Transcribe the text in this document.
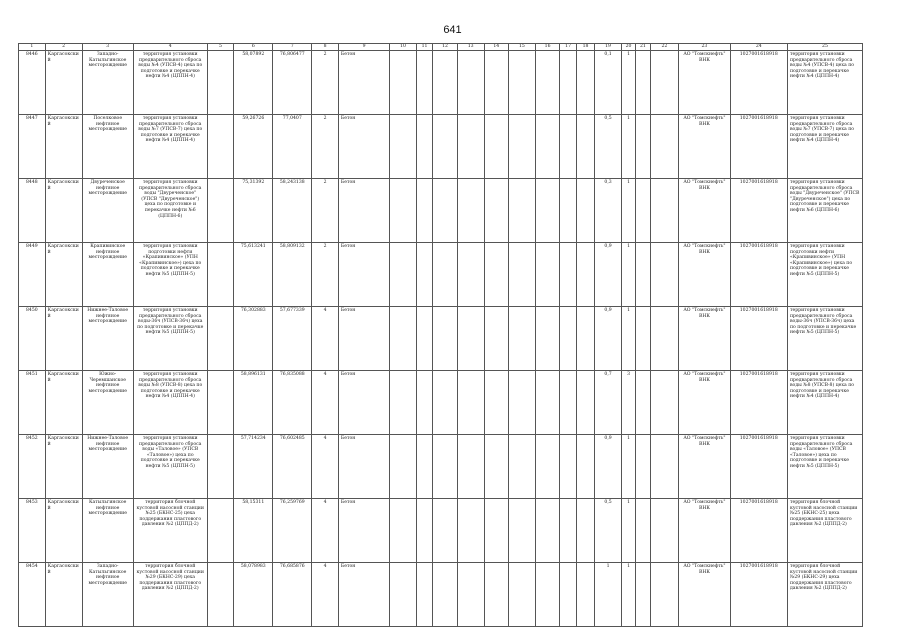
641
1	2	3	4	5	6	7	8	9	10	11	12	13	14	15	16	17	18	19	20	21	22	23	24	25
8446	Каргасокский	Западно-Катыльгинское месторождение	территория установки предварительного сброса воды №4 (УПСВ-4) цеха по подготовке и перекачке нефти №4 (ЦППН-4)		58,07892	76,806477	2	Бетон										0,1	1			АО "Томскнефть" ВНК	1027001618918	территория установки предварительного сброса воды №4 (УПСВ-4) цеха по подготовке и перекачке нефти №4 (ЦППН-4)
8447	Каргасокский	Поселковое нефтяное месторождение	территория установки предварительного сброса воды №7 (УПСВ-7) цеха по подготовке и перекачке нефти №4 (ЦППН-4)		59,26726	77,0407	2	Бетон										0,5	1			АО "Томскнефть" ВНК	1027001618918	территория установки предварительного сброса воды №7 (УПСВ-7) цеха по подготовке и перекачке нефти №4 (ЦППН-4)
8448	Каргасокский	Двуреченское нефтяное месторождение	территория установки предварительного сброса воды "Двуреченское" (УПСВ "Двуреченское") цеха по подготовке и перекачке нефти №6 (ЦППН-6)		75,31392	58,243138	2	Бетон										0,3	1			АО "Томскнефть" ВНК	1027001618918	территория установки предварительного сброса воды "Двуреченское" (УПСВ "Двуреченское") цеха по подготовке и перекачке нефти №6 (ЦППН-6)
8449	Каргасокский	Крапивинское нефтяное месторождение	территория установки подготовки нефти «Крапивинское» (УПН «Крапивинское») цеха по подготовке и перекачке нефти №5 (ЦППН-5)		75,613241	58,809132	2	Бетон										0,9	1			АО "Томскнефть" ВНК	1027001618918	территория установки подготовки нефти «Крапивинское» (УПН «Крапивинское») цеха по подготовке и перекачке нефти №5 (ЦППН-5)
8450	Каргасокский	Нижнее-Таловое нефтяное месторождение	территория установки предварительного сброса воды-36ч (УПСВ-36ч) цеха по подготовке и перекачке нефти №5 (ЦППН-5)		76,302883	57,677339	4	Бетон										0,9	1			АО "Томскнефть" ВНК	1027001618918	территория установки предварительного сброса воды-36ч (УПСВ-36ч) цеха по подготовке и перекачке нефти №5 (ЦППН-5)
8451	Каргасокский	Южно-Черемшанское нефтяное месторождение	территория установки предварительного сброса воды №8 (УПСВ-8) цеха по подготовке и перекачке нефти №4 (ЦППН-4)		58,896131	76,835088	4	Бетон										0,7	3			АО "Томскнефть" ВНК	1027001618918	территория установки предварительного сброса воды №8 (УПСВ-8) цеха по подготовке и перекачке нефти №4 (ЦППН-4)
8452	Каргасокский	Нижнее-Таловое нефтяное месторождение	территория установки предварительного сброса воды «Таловое» (УПСВ «Таловое») цеха по подготовке и перекачке нефти №5 (ЦППН-5)		57,714234	76,602485	4	Бетон										0,9	1			АО "Томскнефть" ВНК	1027001618918	территория установки предварительного сброса воды «Таловое» (УПСВ «Таловое») цеха по подготовке и перекачке нефти №5 (ЦППН-5)
8453	Каргасокский	Катыльгинское нефтяное месторождение	территория блочной кустовой насосной станции №25 (БКНС-25) цеха поддержания пластового давления №2 (ЦППД-2)		58,15311	76,259769	4	Бетон										0,5	1			АО "Томскнефть" ВНК	1027001618918	территория блочной кустовой насосной станции №25 (БКНС-25) цеха поддержания пластового давления №2 (ЦППД-2)
8454	Каргасокский	Западно-Катыльгинское нефтяное месторождение	территория блочной кустовой насосной станции №29 (БКНС-29) цеха поддержания пластового давления №2 (ЦППД-2)		58,078983	76,685876	4	Бетон										1	1			АО "Томскнефть" ВНК	1027001618918	территория блочной кустовой насосной станции №29 (БКНС-29) цеха поддержания пластового давления №2 (ЦППД-2)
